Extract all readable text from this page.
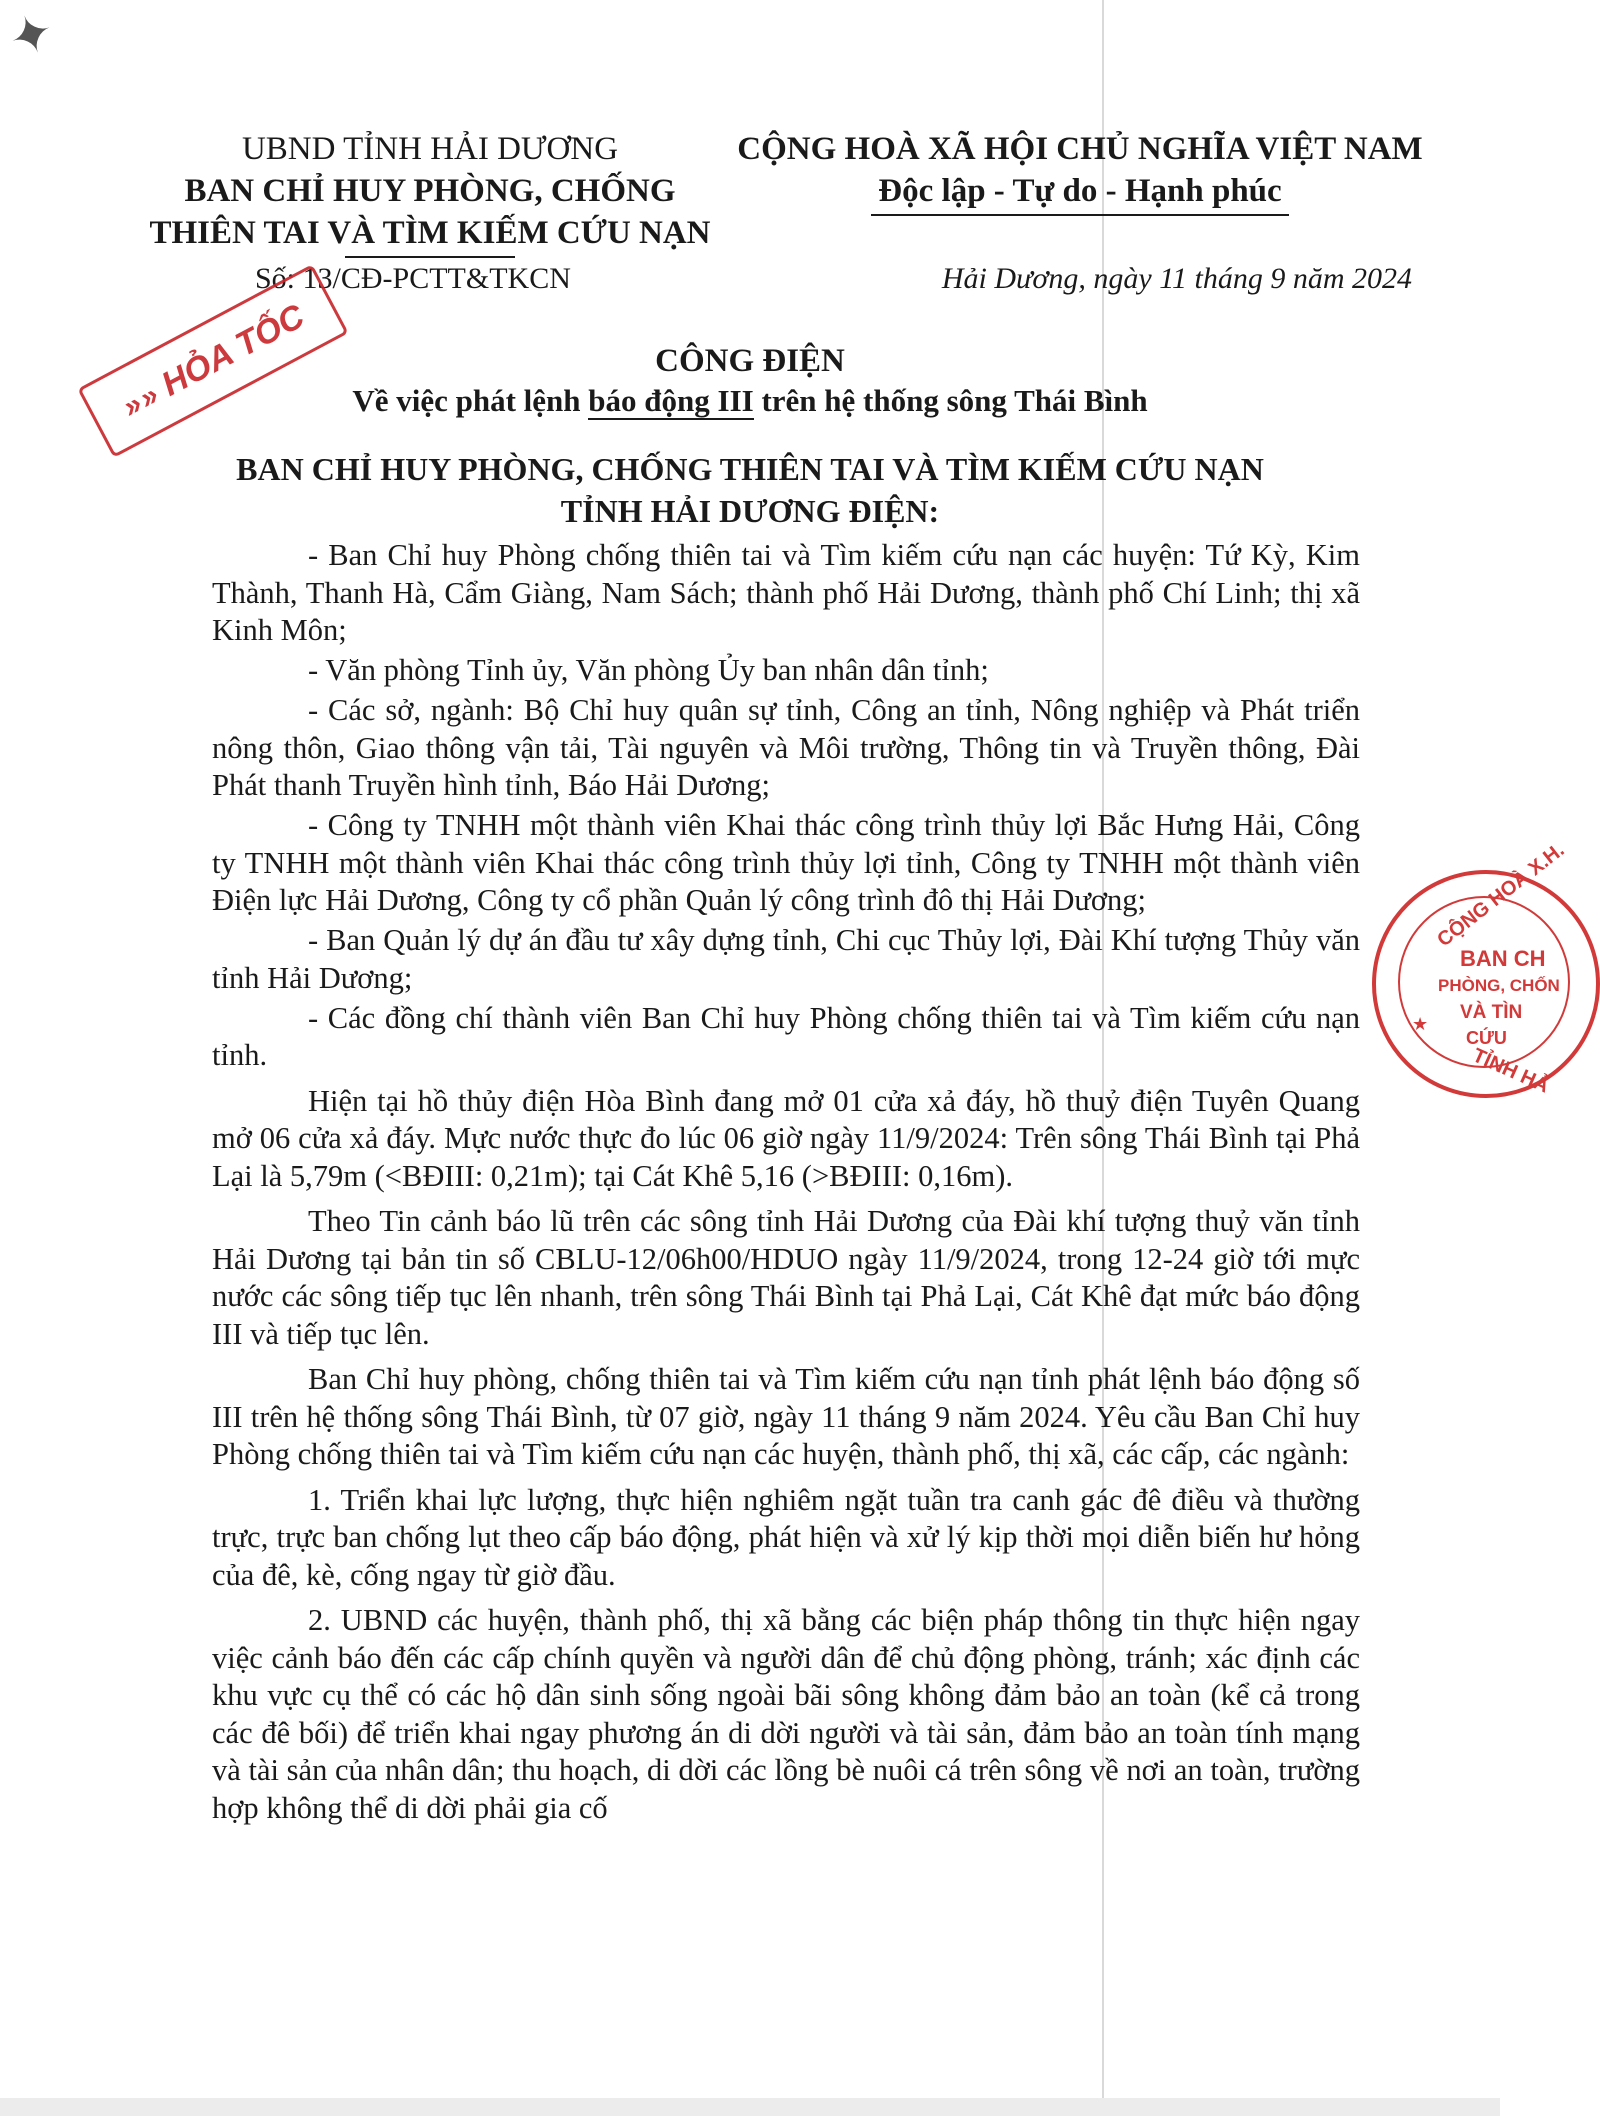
✦
UBND TỈNH HẢI DƯƠNG
BAN CHỈ HUY PHÒNG, CHỐNG
THIÊN TAI VÀ TÌM KIẾM CỨU NẠN
CỘNG HOÀ XÃ HỘI CHỦ NGHĨA VIỆT NAM
Độc lập - Tự do - Hạnh phúc
Số: 13/CĐ-PCTT&TKCN	Hải Dương, ngày 11 tháng 9 năm 2024
»»HỎA TỐC	CÔNG ĐIỆN
Về việc phát lệnh báo động III trên hệ thống sông Thái Bình
BAN CHỈ HUY PHÒNG, CHỐNG THIÊN TAI VÀ TÌM KIẾM CỨU NẠN
TỈNH HẢI DƯƠNG ĐIỆN:

- Ban Chỉ huy Phòng chống thiên tai và Tìm kiếm cứu nạn các huyện: Tứ Kỳ, Kim Thành, Thanh Hà, Cẩm Giàng, Nam Sách; thành phố Hải Dương, thành phố Chí Linh; thị xã Kinh Môn;

- Văn phòng Tỉnh ủy, Văn phòng Ủy ban nhân dân tỉnh;

- Các sở, ngành: Bộ Chỉ huy quân sự tỉnh, Công an tỉnh, Nông nghiệp và Phát triển nông thôn, Giao thông vận tải, Tài nguyên và Môi trường, Thông tin và Truyền thông, Đài Phát thanh Truyền hình tỉnh, Báo Hải Dương;

- Công ty TNHH một thành viên Khai thác công trình thủy lợi Bắc Hưng Hải, Công ty TNHH một thành viên Khai thác công trình thủy lợi tỉnh, Công ty TNHH một thành viên Điện lực Hải Dương, Công ty cổ phần Quản lý công trình đô thị Hải Dương;

- Ban Quản lý dự án đầu tư xây dựng tỉnh, Chi cục Thủy lợi, Đài Khí tượng Thủy văn tỉnh Hải Dương;

- Các đồng chí thành viên Ban Chỉ huy Phòng chống thiên tai và Tìm kiếm cứu nạn tỉnh.

Hiện tại hồ thủy điện Hòa Bình đang mở 01 cửa xả đáy, hồ thuỷ điện Tuyên Quang mở 06 cửa xả đáy. Mực nước thực đo lúc 06 giờ ngày 11/9/2024: Trên sông Thái Bình tại Phả Lại là 5,79m (<BĐIII: 0,21m); tại Cát Khê 5,16 (>BĐIII: 0,16m).

Theo Tin cảnh báo lũ trên các sông tỉnh Hải Dương của Đài khí tượng thuỷ văn tỉnh Hải Dương tại bản tin số CBLU-12/06h00/HDUO ngày 11/9/2024, trong 12-24 giờ tới mực nước các sông tiếp tục lên nhanh, trên sông Thái Bình tại Phả Lại, Cát Khê đạt mức báo động III và tiếp tục lên.

Ban Chỉ huy phòng, chống thiên tai và Tìm kiếm cứu nạn tỉnh phát lệnh báo động số III trên hệ thống sông Thái Bình, từ 07 giờ, ngày 11 tháng 9 năm 2024. Yêu cầu Ban Chỉ huy Phòng chống thiên tai và Tìm kiếm cứu nạn các huyện, thành phố, thị xã, các cấp, các ngành:

1. Triển khai lực lượng, thực hiện nghiêm ngặt tuần tra canh gác đê điều và thường trực, trực ban chống lụt theo cấp báo động, phát hiện và xử lý kịp thời mọi diễn biến hư hỏng của đê, kè, cống ngay từ giờ đầu.

2. UBND các huyện, thành phố, thị xã bằng các biện pháp thông tin thực hiện ngay việc cảnh báo đến các cấp chính quyền và người dân để chủ động phòng, tránh; xác định các khu vực cụ thể có các hộ dân sinh sống ngoài bãi sông không đảm bảo an toàn (kể cả trong các đê bối) để triển khai ngay phương án di dời người và tài sản, đảm bảo an toàn tính mạng và tài sản của nhân dân; thu hoạch, di dời các lồng bè nuôi cá trên sông về nơi an toàn, trường hợp không thể di dời phải gia cố

CỘNG HOÀ X.H.
BAN CH
PHÒNG, CHỐN
VÀ TÌN
CỨU
★
TỈNH HẢ
